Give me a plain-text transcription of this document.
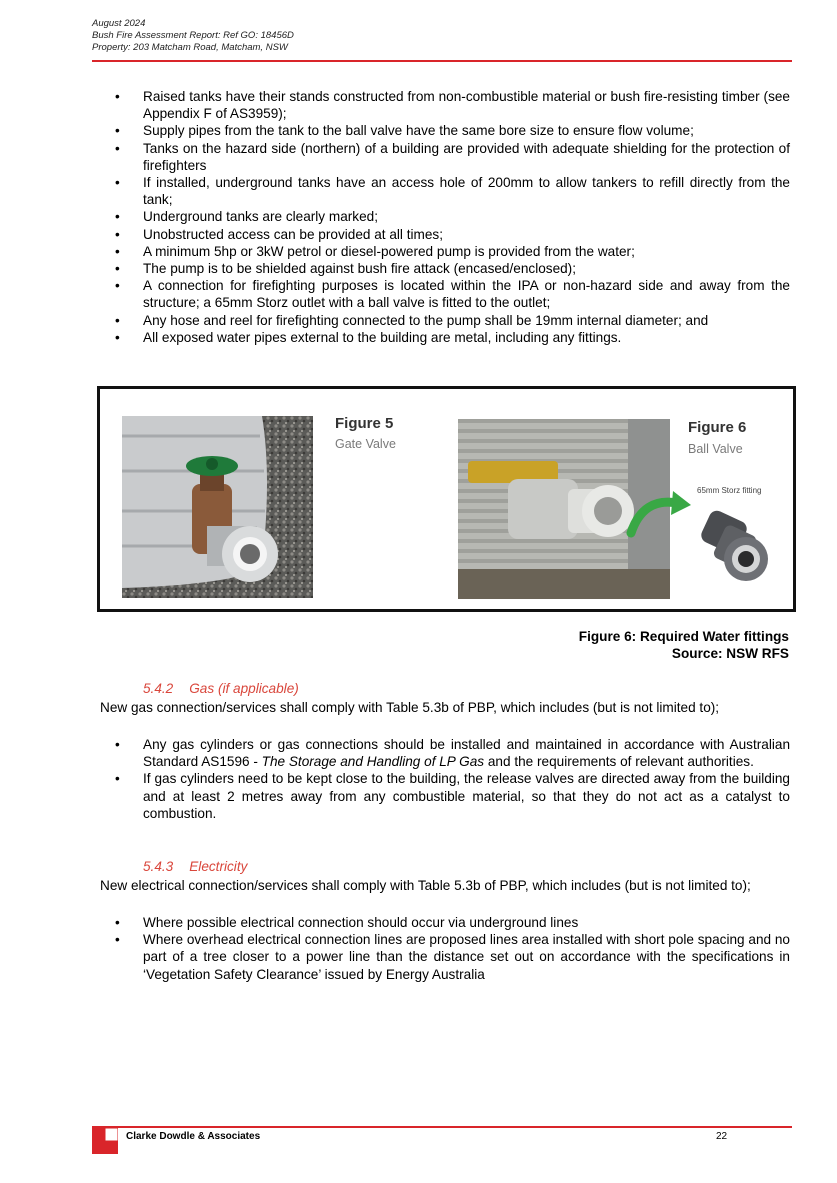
August 2024
Bush Fire Assessment Report: Ref GO: 18456D
Property: 203 Matcham Road, Matcham, NSW
• Raised tanks have their stands constructed from non-combustible material or bush fire-resisting timber (see Appendix F of AS3959);
• Supply pipes from the tank to the ball valve have the same bore size to ensure flow volume;
• Tanks on the hazard side (northern) of a building are provided with adequate shielding for the protection of firefighters
• If installed, underground tanks have an access hole of 200mm to allow tankers to refill directly from the tank;
• Underground tanks are clearly marked;
• Unobstructed access can be provided at all times;
• A minimum 5hp or 3kW petrol or diesel-powered pump is provided from the water;
• The pump is to be shielded against bush fire attack (encased/enclosed);
• A connection for firefighting purposes is located within the IPA or non-hazard side and away from the structure; a 65mm Storz outlet with a ball valve is fitted to the outlet;
• Any hose and reel for firefighting connected to the pump shall be 19mm internal diameter; and
• All exposed water pipes external to the building are metal, including any fittings.
Figure 5
Gate Valve
Figure 6
Ball Valve
65mm Storz fitting
Figure 6: Required Water fittings
Source: NSW RFS
5.4.2 Gas (if applicable)
New gas connection/services shall comply with Table 5.3b of PBP, which includes (but is not limited to);
• Any gas cylinders or gas connections should be installed and maintained in accordance with Australian Standard AS1596 - The Storage and Handling of LP Gas and the requirements of relevant authorities.
• If gas cylinders need to be kept close to the building, the release valves are directed away from the building and at least 2 metres away from any combustible material, so that they do not act as a catalyst to combustion.
5.4.3 Electricity
New electrical connection/services shall comply with Table 5.3b of PBP, which includes (but is not limited to);
• Where possible electrical connection should occur via underground lines
• Where overhead electrical connection lines are proposed lines area installed with short pole spacing and no part of a tree closer to a power line than the distance set out on accordance with the specifications in ‘Vegetation Safety Clearance’ issued by Energy Australia
Clarke Dowdle & Associates	22
